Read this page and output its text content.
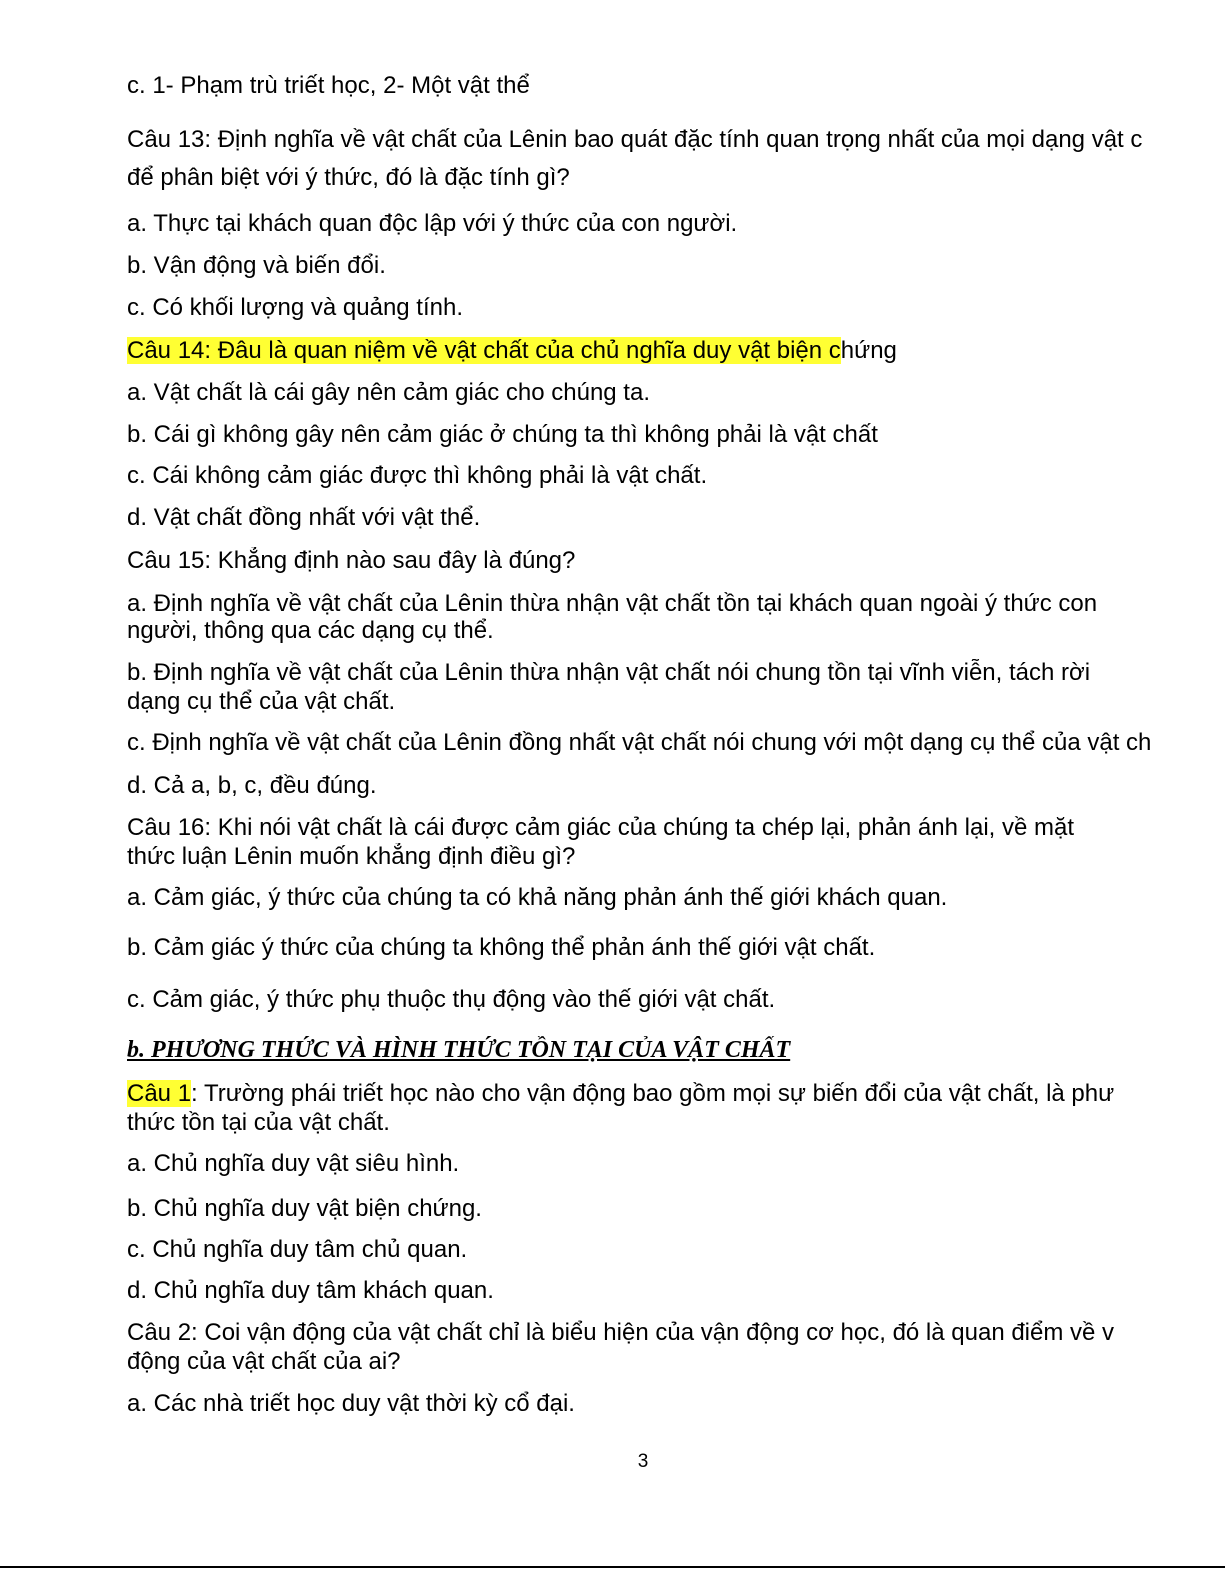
c. 1- Phạm trù triết học, 2- Một vật thể
Câu 13: Định nghĩa về vật chất của Lênin bao quát đặc tính quan trọng nhất của mọi dạng vật c
để phân biệt với ý thức, đó là đặc tính gì?
a. Thực tại khách quan độc lập với ý thức của con người.
b. Vận động và biến đổi.
c. Có khối lượng và quảng tính.
Câu 14: Đâu là quan niệm về vật chất của chủ nghĩa duy vật biện chứng
a. Vật chất là cái gây nên cảm giác cho chúng ta.
b. Cái gì không gây nên cảm giác ở chúng ta thì không phải là vật chất
c. Cái không cảm giác được thì không phải là vật chất.
d. Vật chất đồng nhất với vật thể.
Câu 15: Khẳng định nào sau đây là đúng?
a. Định nghĩa về vật chất của Lênin thừa nhận vật chất tồn tại khách quan ngoài ý thức con
người, thông qua các dạng cụ thể.
b. Định nghĩa về vật chất của Lênin thừa nhận vật chất nói chung tồn tại vĩnh viễn, tách rời
dạng cụ thể của vật chất.
c. Định nghĩa về vật chất của Lênin đồng nhất vật chất nói chung với một dạng cụ thể của vật ch
d. Cả a, b, c, đều đúng.
Câu 16: Khi nói vật chất là cái được cảm giác của chúng ta chép lại, phản ánh lại, về mặt
thức luận Lênin muốn khẳng định điều gì?
a. Cảm giác, ý thức của chúng ta có khả năng phản ánh thế giới khách quan.
b. Cảm giác ý thức của chúng ta không thể phản ánh thế giới vật chất.
c. Cảm giác, ý thức phụ thuộc thụ động vào thế giới vật chất.
b. PHƯƠNG THỨC VÀ HÌNH THỨC TỒN TẠI CỦA VẬT CHẤT
Câu 1: Trường phái triết học nào cho vận động bao gồm mọi sự biến đổi của vật chất, là phư
thức tồn tại của vật chất.
a. Chủ nghĩa duy vật siêu hình.
b. Chủ nghĩa duy vật biện chứng.
c. Chủ nghĩa duy tâm chủ quan.
d. Chủ nghĩa duy tâm khách quan.
Câu 2: Coi vận động của vật chất chỉ là biểu hiện của vận động cơ học, đó là quan điểm về v
động của vật chất của ai?
a. Các nhà triết học duy vật thời kỳ cổ đại.
3
